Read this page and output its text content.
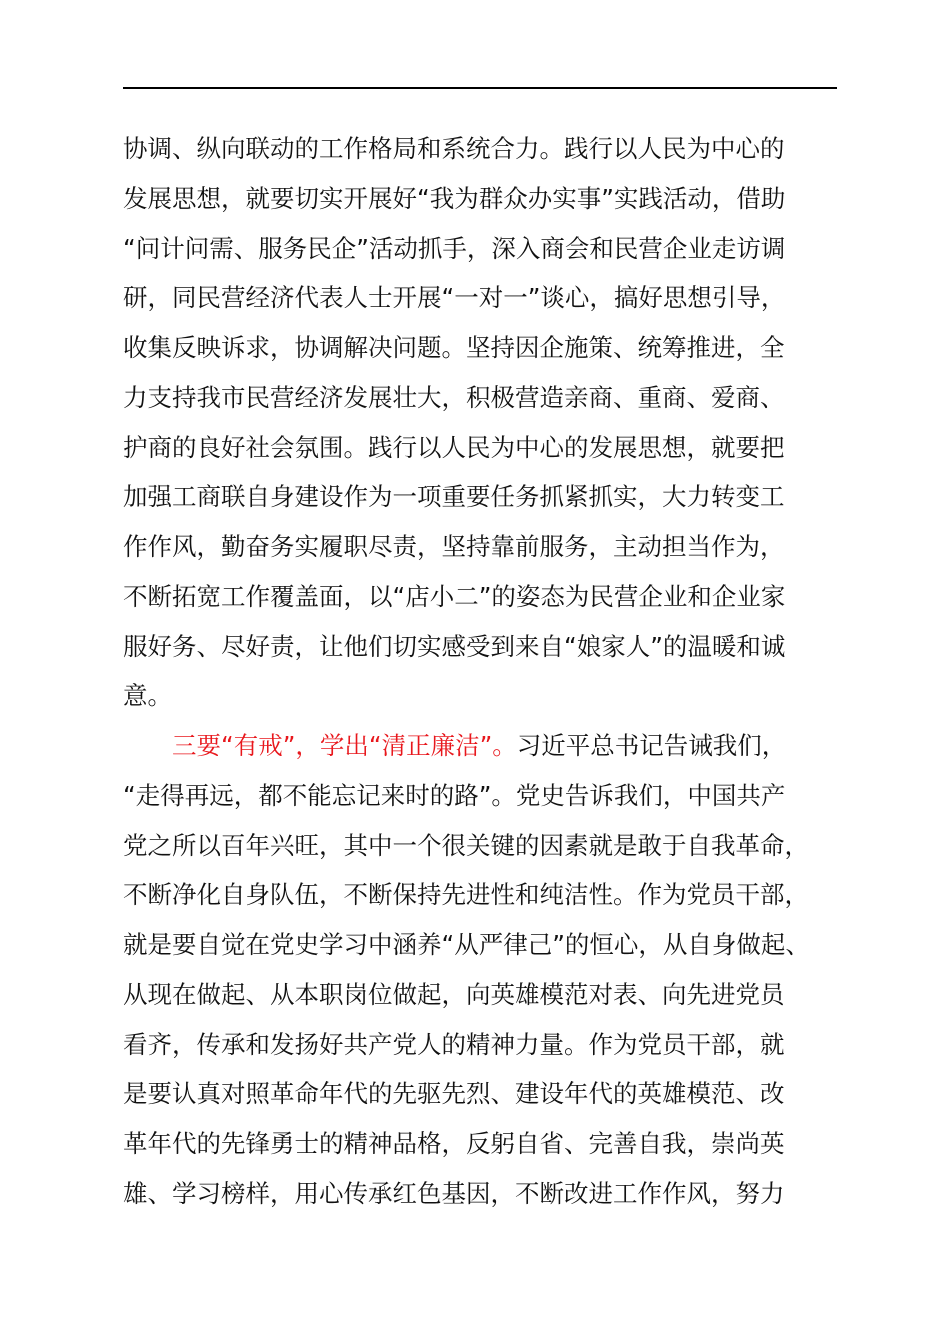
协调、纵向联动的工作格局和系统合力。践行以人民为中心的
发展思想，就要切实开展好“我为群众办实事”实践活动，借助
“问计问需、服务民企”活动抓手，深入商会和民营企业走访调
研，同民营经济代表人士开展“一对一”谈心，搞好思想引导，
收集反映诉求，协调解决问题。坚持因企施策、统筹推进，全
力支持我市民营经济发展壮大，积极营造亲商、重商、爱商、
护商的良好社会氛围。践行以人民为中心的发展思想，就要把
加强工商联自身建设作为一项重要任务抓紧抓实，大力转变工
作作风，勤奋务实履职尽责，坚持靠前服务，主动担当作为，
不断拓宽工作覆盖面，以“店小二”的姿态为民营企业和企业家
服好务、尽好责，让他们切实感受到来自“娘家人”的温暖和诚
意。
三要“有戒”，学出“清正廉洁”。习近平总书记告诫我们，
“走得再远，都不能忘记来时的路”。党史告诉我们，中国共产
党之所以百年兴旺，其中一个很关键的因素就是敢于自我革命，
不断净化自身队伍，不断保持先进性和纯洁性。作为党员干部，
就是要自觉在党史学习中涵养“从严律己”的恒心，从自身做起、
从现在做起、从本职岗位做起，向英雄模范对表、向先进党员
看齐，传承和发扬好共产党人的精神力量。作为党员干部，就
是要认真对照革命年代的先驱先烈、建设年代的英雄模范、改
革年代的先锋勇士的精神品格，反躬自省、完善自我，崇尚英
雄、学习榜样，用心传承红色基因，不断改进工作作风，努力
